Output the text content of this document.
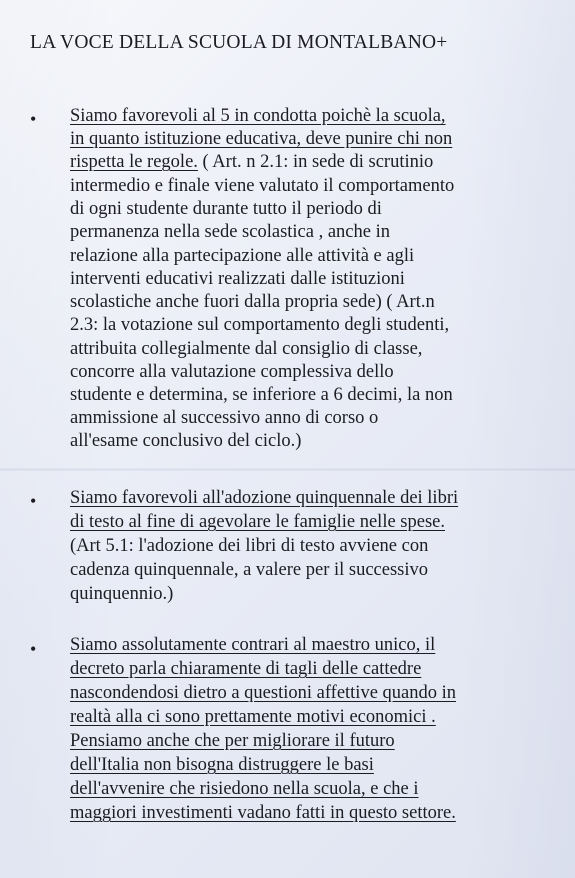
LA VOCE DELLA SCUOLA DI MONTALBANO+
• Siamo favorevoli al 5 in condotta poichè la scuola,
in quanto istituzione educativa, deve punire chi non
rispetta le regole. ( Art. n 2.1: in sede di scrutinio
intermedio e finale viene valutato il comportamento
di ogni studente durante tutto il periodo di
permanenza nella sede scolastica , anche in
relazione alla partecipazione alle attività e agli
interventi educativi realizzati dalle istituzioni
scolastiche anche fuori dalla propria sede) ( Art.n
2.3: la votazione sul comportamento degli studenti,
attribuita collegialmente dal consiglio di classe,
concorre alla valutazione complessiva dello
studente e determina, se inferiore a 6 decimi, la non
ammissione al successivo anno di corso o
all'esame conclusivo del ciclo.)
• Siamo favorevoli all'adozione quinquennale dei libri
di testo al fine di agevolare le famiglie nelle spese.
(Art 5.1: l'adozione dei libri di testo avviene con
cadenza quinquennale, a valere per il successivo
quinquennio.)
• Siamo assolutamente contrari al maestro unico, il
decreto parla chiaramente di tagli delle cattedre
nascondendosi dietro a questioni affettive quando in
realtà alla ci sono prettamente motivi economici .
Pensiamo anche che per migliorare il futuro
dell'Italia non bisogna distruggere le basi
dell'avvenire che risiedono nella scuola, e che i
maggiori investimenti vadano fatti in questo settore.
